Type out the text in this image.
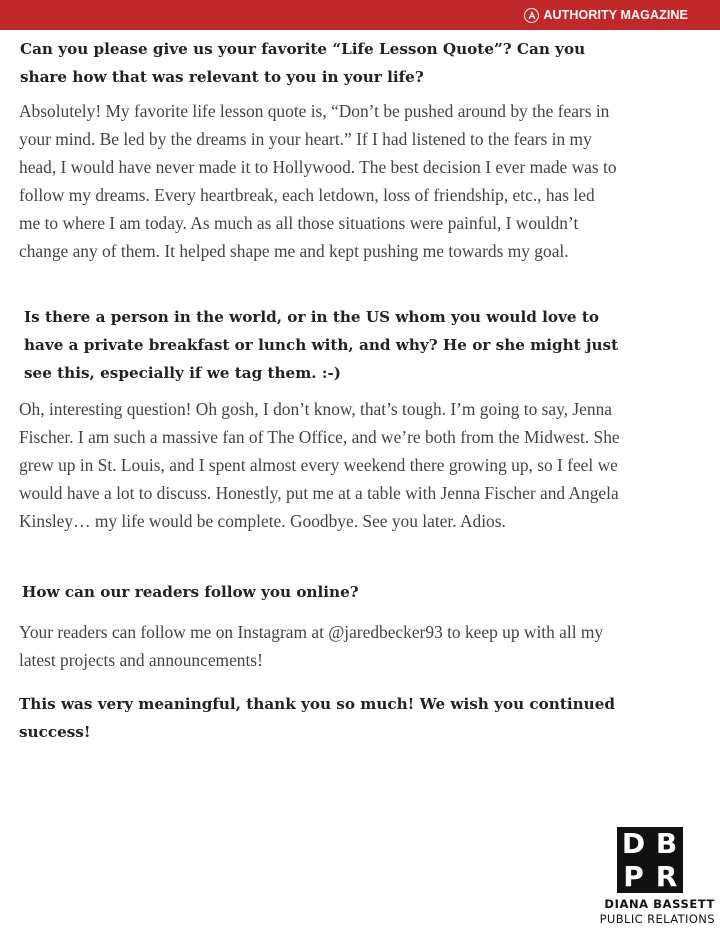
AUTHORITY MAGAZINE

Can you please give us your favorite “Life Lesson Quote”? Can you share how that was relevant to you in your life?

Absolutely! My favorite life lesson quote is, “Don’t be pushed around by the fears in your mind. Be led by the dreams in your heart.” If I had listened to the fears in my head, I would have never made it to Hollywood. The best decision I ever made was to follow my dreams. Every heartbreak, each letdown, loss of friendship, etc., has led me to where I am today. As much as all those situations were painful, I wouldn’t change any of them. It helped shape me and kept pushing me towards my goal.

Is there a person in the world, or in the US whom you would love to have a private breakfast or lunch with, and why? He or she might just see this, especially if we tag them. :-)

Oh, interesting question! Oh gosh, I don’t know, that’s tough. I’m going to say, Jenna Fischer. I am such a massive fan of The Office, and we’re both from the Midwest. She grew up in St. Louis, and I spent almost every weekend there growing up, so I feel we would have a lot to discuss. Honestly, put me at a table with Jenna Fischer and Angela Kinsley… my life would be complete. Goodbye. See you later. Adios.

How can our readers follow you online?

Your readers can follow me on Instagram at @jaredbecker93 to keep up with all my latest projects and announcements!

This was very meaningful, thank you so much! We wish you continued success!

D B
P R
DIANA BASSETT
PUBLIC RELATIONS
